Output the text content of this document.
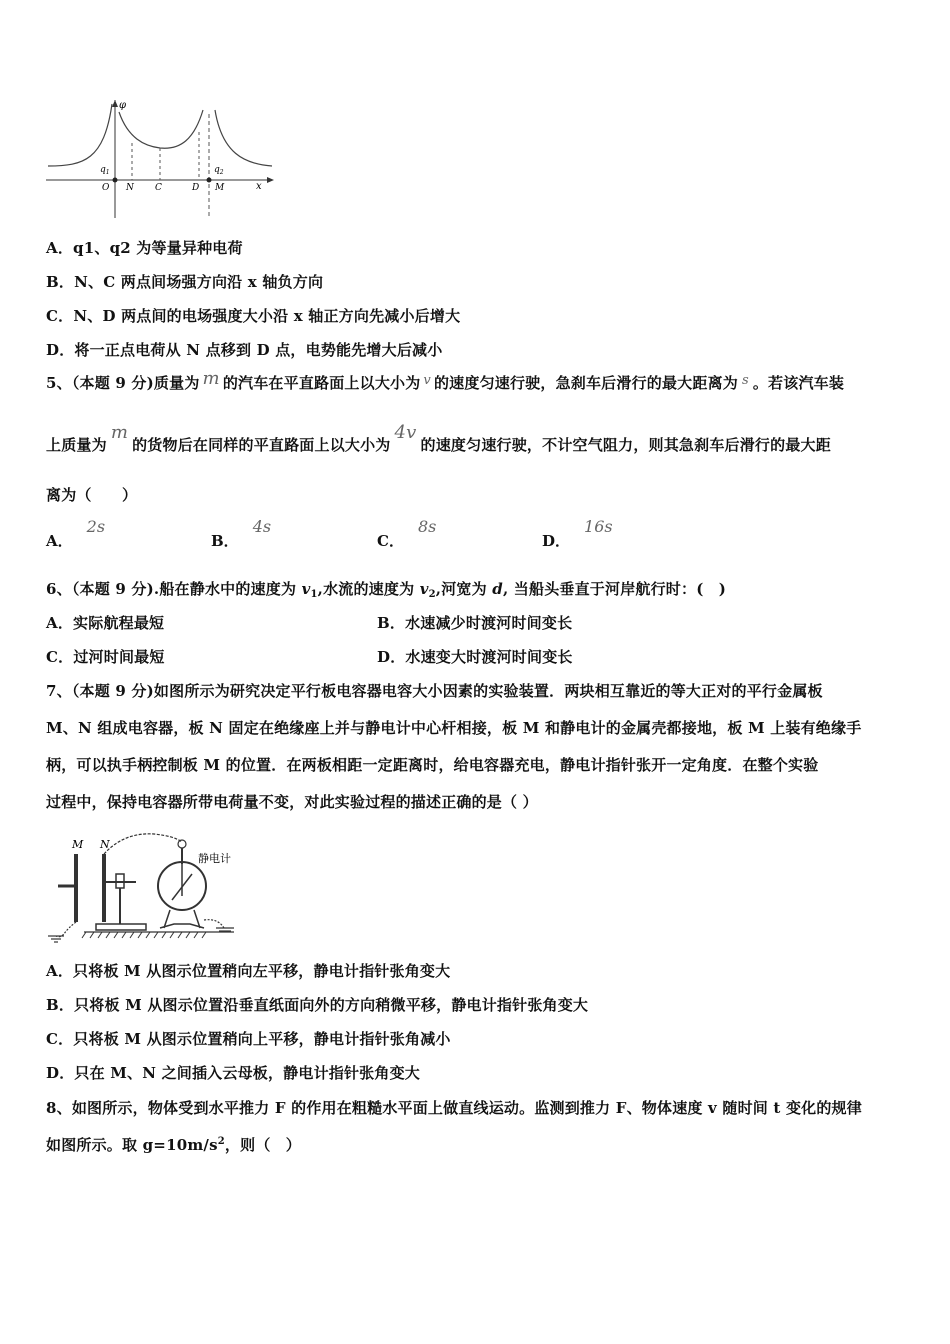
φ
x
$q_1$	$q_2$
O N C	D M
A．q1、q2 为等量异种电荷
B．N、C 两点间场强方向沿 x 轴负方向
C．N、D 两点间的电场强度大小沿 x 轴正方向先减小后增大
D．将一正点电荷从 N 点移到 D 点，电势能先增大后减小
5、（本题 9 分)质量为 m 的汽车在平直路面上以大小为 v 的速度匀速行驶，急刹车后滑行的最大距离为 s 。若该汽车装
上质量为m的货物后在同样的平直路面上以大小为4v的速度匀速行驶，不计空气阻力，则其急刹车后滑行的最大距
离为（　　）
A．2s
B．4s
C．8s
D．16s
6、（本题 9 分).船在静水中的速度为 $v_1$,水流的速度为 $v_2$,河宽为 d, 当船头垂直于河岸航行时：(　)
A．实际航程最短	B．水速减少时渡河时间变长
C．过河时间最短	D．水速变大时渡河时间变长
7、（本题 9 分)如图所示为研究决定平行板电容器电容大小因素的实验装置．两块相互靠近的等大正对的平行金属板
M、N 组成电容器，板 N 固定在绝缘座上并与静电计中心杆相接，板 M 和静电计的金属壳都接地，板 M 上装有绝缘手
柄，可以执手柄控制板 M 的位置．在两板相距一定距离时，给电容器充电，静电计指针张开一定角度．在整个实验
过程中，保持电容器所带电荷量不变，对此实验过程的描述正确的是（ ）
M N
静电计
A．只将板 M 从图示位置稍向左平移，静电计指针张角变大
B．只将板 M 从图示位置沿垂直纸面向外的方向稍微平移，静电计指针张角变大
C．只将板 M 从图示位置稍向上平移，静电计指针张角减小
D．只在 M、N 之间插入云母板，静电计指针张角变大
8、如图所示，物体受到水平推力 F 的作用在粗糙水平面上做直线运动。监测到推力 F、物体速度 v 随时间 t 变化的规律
如图所示。取 $g=10m/s^2$，则（　）
